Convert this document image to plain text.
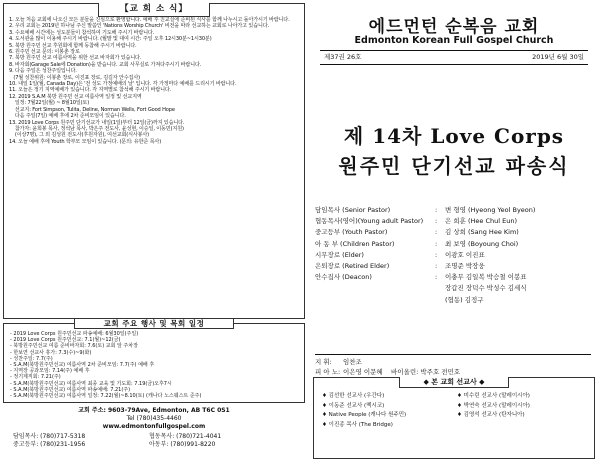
【교 회 소 식】
1. 오늘 처음 교회에 나오신 모든 분들을 진심으로 환영합니다. 예배 후 친교실에 준비된 식사를 함께 나누시고 돌아가시기 바랍니다.
2. 우리 교회는 2019년 하나님 주신 말씀인 'Nations Worship Church' 비전을 따라 선교하는 교회로 나아가고 있습니다.
3. 수요예배 시간에는 성도분들이 참석하여 기도해 주시기 바랍니다.
4. 도서관을 많이 이용해 주시기 바랍니다. (월말 및 대여 시간: 주일 오후 12시30분~1시30분)
5. 북방 원주민 선교 후원회에 함께 동참해 주시기 바랍니다.
6. 원주민 선교 문의: 이봉춘 장로
7. 북방 원주민 선교 여름사역을 위한 선교 바자회가 있습니다.
8. 바자회(Garage Sale에 Donation)을 받습니다. 교회 사무실로 가져다주시기 바랍니다.
9. 다음 주일은 성찬주일입니다.
(7월 성찬위원: 이봉춘 장로, 이진표 장로, 김길자 안수집사)
10. 내일 1일(월, Canada Day)은 '전 성도 가정예배의 날' 입니다. 각 가정마다 예배를 드리시기 바랍니다.
11. 오늘은 정기 지역예배가 있습니다. 각 지역별로 참석해 주시기 바랍니다.
12. 2019 S.A.M 북방 원주민 선교 여름사역 일정 및 선교지역
일정: 7월22일(월) ~ 8월10일(토)
선교지: Fort Simpson, Tulita, Deline, Norman Wells, Fort Good Hope
다음 주일(7일) 예배 후에 2차 준비모임이 있습니다.
13. 2019 Love Corps 원주민 단기선교가 내일(1일)부터 12일(금)까지 있습니다.
참가자: 윤희봉 목사, 정석남 목사, 박은주 전도사, 윤성현, 이승일, 이동민(지원)
(이상7명), 그 외 김성원 전도사(후원자원), 여선교회(식사봉사)
14. 오늘 예배 후에 Youth 학부모 모임이 있습니다. (문의: 유한준 목사)
교회 주요 행사 및 목회 일정
- 2019 Love Corps 원주민선교 파송예배: 6월30일(주일)
- 2019 Love Corps 원주민선교: 7.1(월)~12(금)
- 북방원주민선교 여름 준비바자회: 7.6(토) 교회 앞 주차장
- 한보연 선교사 휴가: 7.3(수)~9(화)
- 성찬주일: 7.7(주)
- S.A.M(북방원주민선교) 여름사역 2차 준비모임: 7.7(주) 예배 후
- 지역장 공과모임: 7.14(주) 예배 후
- 정기제직회: 7.21(주)
- S.A.M(북방원주민선교) 여름사역 최종 교육 및 기도회: 7.19(금)오후7시
- S.A.M(북방원주민선교) 여름사역 파송예배: 7.21(주)
- S.A.M(북방원주민선교) 여름사역 일정: 7.22(월)~8.10(토) (캐나다 노스웨스트 준주)
교회 주소: 9603-79Ave, Edmonton, AB T6C 0S1
Tel (780)435-4460
www.edmontonfullgospel.com
담임목사: (780)717-5318	협동목사: (780)721-4041
중고등부: (780)231-1956	아동부: (780)991-8220
에드먼턴 순복음 교회
Edmonton Korean Full Gospel Church
제37권 26호	2019년 6월 30일
제 14차 Love Corps
원주민 단기선교 파송식
담임목사 (Senior Pastor)	:	변 형영 (Hyeong Yeol Byeon)
협동목사(영어)(Young adult Pastor)	:	은 희훈 (Hee Chul Eun)
중고등부 (Youth Pastor)	:	김 상희 (Sang Hee Kim)
아 동 부 (Children Pastor)	:	최 보영 (Boyoung Choi)
시무장로 (Elder)	:	이광호 이진표
은퇴장로 (Retired Elder)	:	조명준 박장웅
안수집사 (Deacon)	:	이충무 김일복 박승철 이봉표
장갑진 장덕수 박성수 김세식
(협동) 김정구
지 휘:	임찬조
피 아 노: 이은영 이문혜
바이올린:
박주호 전민호
◆ 본 교회 선교사 ◆
♦ 김선한 선교사 (우간다)
♦ 이동준 선교사 (멕시코)
♦ Native People (캐나다 원주민)
♦ 이진종 목사 (The Bridge)
♦ 미수린 선교사 (말레이시아)
♦ 박연숙 선교사 (말레이시아)
♦ 김영석 선교사 (탄자니아)
